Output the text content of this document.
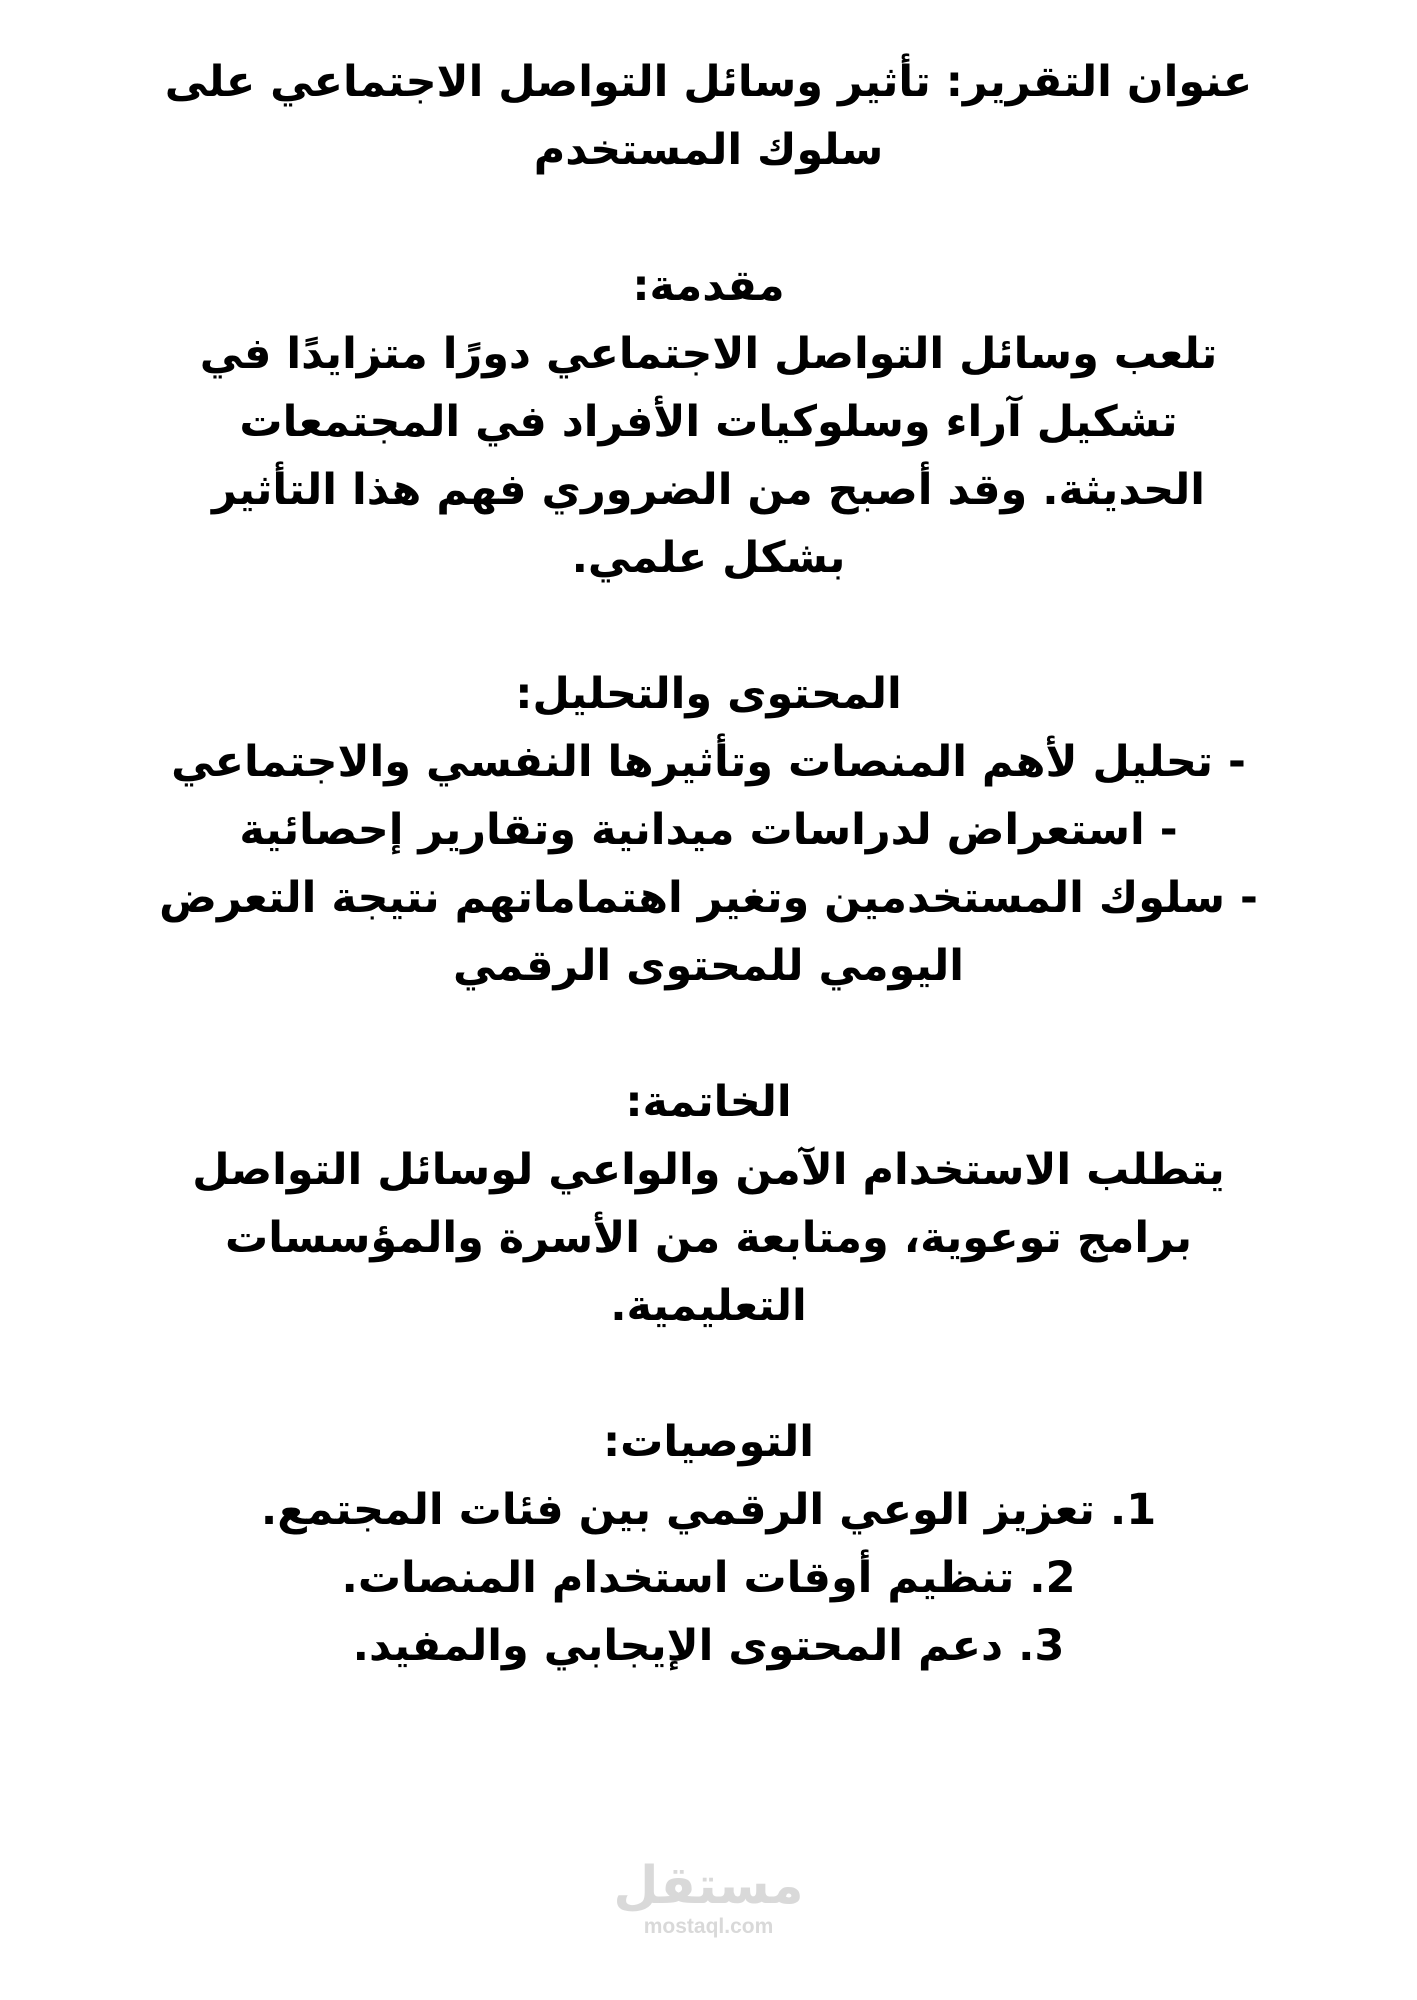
عنوان التقرير: تأثير وسائل التواصل الاجتماعي على
سلوك المستخدم

مقدمة:
تلعب وسائل التواصل الاجتماعي دورًا متزايدًا في
تشكيل آراء وسلوكيات الأفراد في المجتمعات
الحديثة. وقد أصبح من الضروري فهم هذا التأثير
بشكل علمي.

المحتوى والتحليل:
- تحليل لأهم المنصات وتأثيرها النفسي والاجتماعي
- استعراض لدراسات ميدانية وتقارير إحصائية
- سلوك المستخدمين وتغير اهتماماتهم نتيجة التعرض
اليومي للمحتوى الرقمي

الخاتمة:
يتطلب الاستخدام الآمن والواعي لوسائل التواصل
برامج توعوية، ومتابعة من الأسرة والمؤسسات
التعليمية.

التوصيات:
1. تعزيز الوعي الرقمي بين فئات المجتمع.
2. تنظيم أوقات استخدام المنصات.
3. دعم المحتوى الإيجابي والمفيد.

مستقل
mostaql.com
